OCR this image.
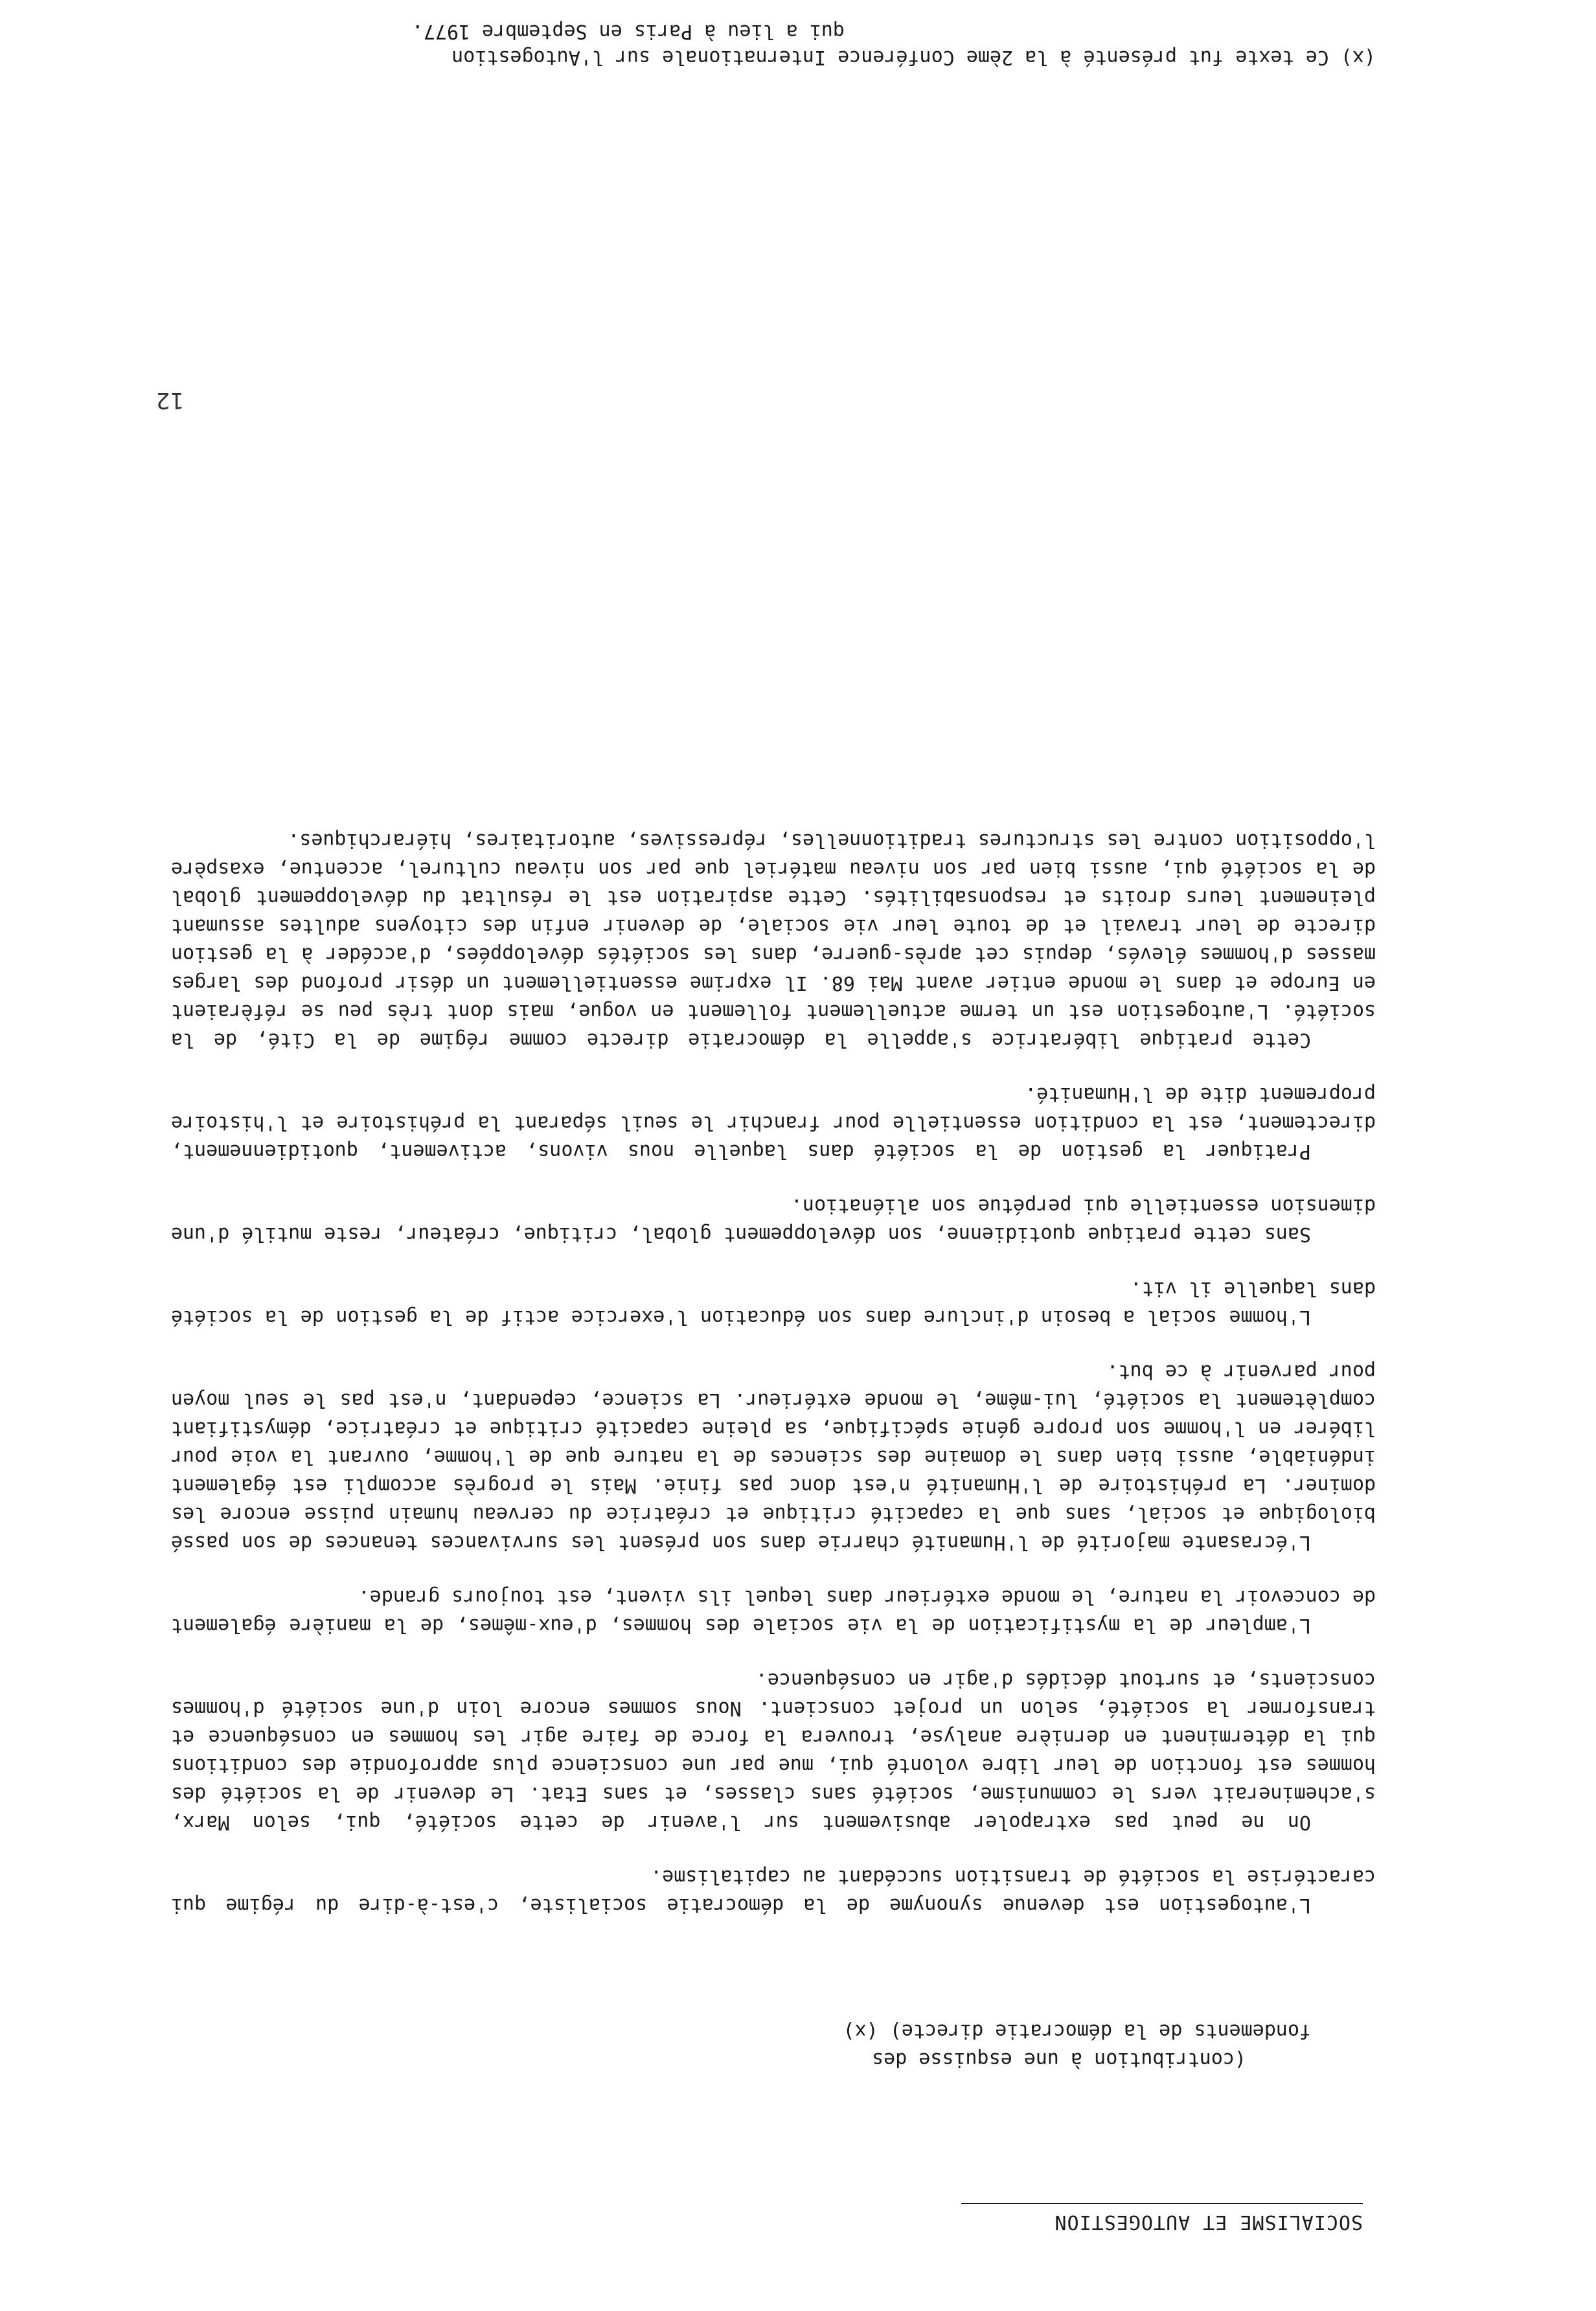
SOCIALISME ET AUTOGESTION
(contribution à une esquisse des
fondements de la démocratie directe) (x)

L'autogestion est devenue synonyme de la démocratie socialiste, c'est-à-dire du régime qui caractérise la société de transition succédant au capitalisme.

On ne peut pas extrapoler abusivement sur l'avenir de cette société, qui, selon Marx, s'acheminerait vers le communisme, société sans classes, et sans Etat. Le devenir de la société des hommes est fonction de leur libre volonté qui, mue par une conscience plus approfondie des conditions qui la déterminent en dernière analyse, trouvera la force de faire agir les hommes en conséquence et transformer la société, selon un projet conscient. Nous sommes encore loin d'une société d'hommes conscients, et surtout décidés d'agir en conséquence.

L'ampleur de la mystification de la vie sociale des hommes, d'eux-mêmes, de la manière également de concevoir la nature, le monde extérieur dans lequel ils vivent, est toujours grande.

L'écrasante majorité de l'Humanité charrie dans son présent les survivances tenances de son passé biologique et social, sans que la capacité critique et créatrice du cerveau humain puisse encore les dominer. La préhistoire de l'Humanité n'est donc pas finie. Mais le progrès accompli est également indéniable, aussi bien dans le domaine des sciences de la nature que de l'homme, ouvrant la voie pour libérer en l'homme son propre génie spécifique, sa pleine capacité critique et créatrice, démystifiant complètement la société, lui-même, le monde extérieur. La science, cependant, n'est pas le seul moyen pour parvenir à ce but.

L'homme social a besoin d'inclure dans son éducation l'exercice actif de la gestion de la société dans laquelle il vit.

Sans cette pratique quotidienne, son développement global, critique, créateur, reste mutilé d'une dimension essentielle qui perpétue son aliénation.

Pratiquer la gestion de la société dans laquelle nous vivons, activement, quotidiennement, directement, est la condition essentielle pour franchir le seuil séparant la préhistoire et l'histoire proprement dite de l'Humanité.

Cette pratique libératrice s'appelle la démocratie directe comme régime de la Cité, de la société. L'autogestion est un terme actuellement follement en vogue, mais dont très peu se réfèraient en Europe et dans le monde entier avant Mai 68. Il exprime essentiellement un désir profond des larges masses d'hommes élevés, depuis cet après-guerre, dans les sociétés développées, d'accéder à la gestion directe de leur travail et de toute leur vie sociale, de devenir enfin des citoyens adultes assumant pleinement leurs droits et responsabilités. Cette aspiration est le résultat du développement global de la société qui, aussi bien par son niveau matériel que par son niveau culturel, accentue, exaspère l'opposition contre les structures traditionnelles, répressives, autoritaires, hiérarchiques.

(x) Ce texte fut présenté à la 2ème Conférence Internationale sur l'Autogestion
qui a lieu à Paris en Septembre 1977.
12
